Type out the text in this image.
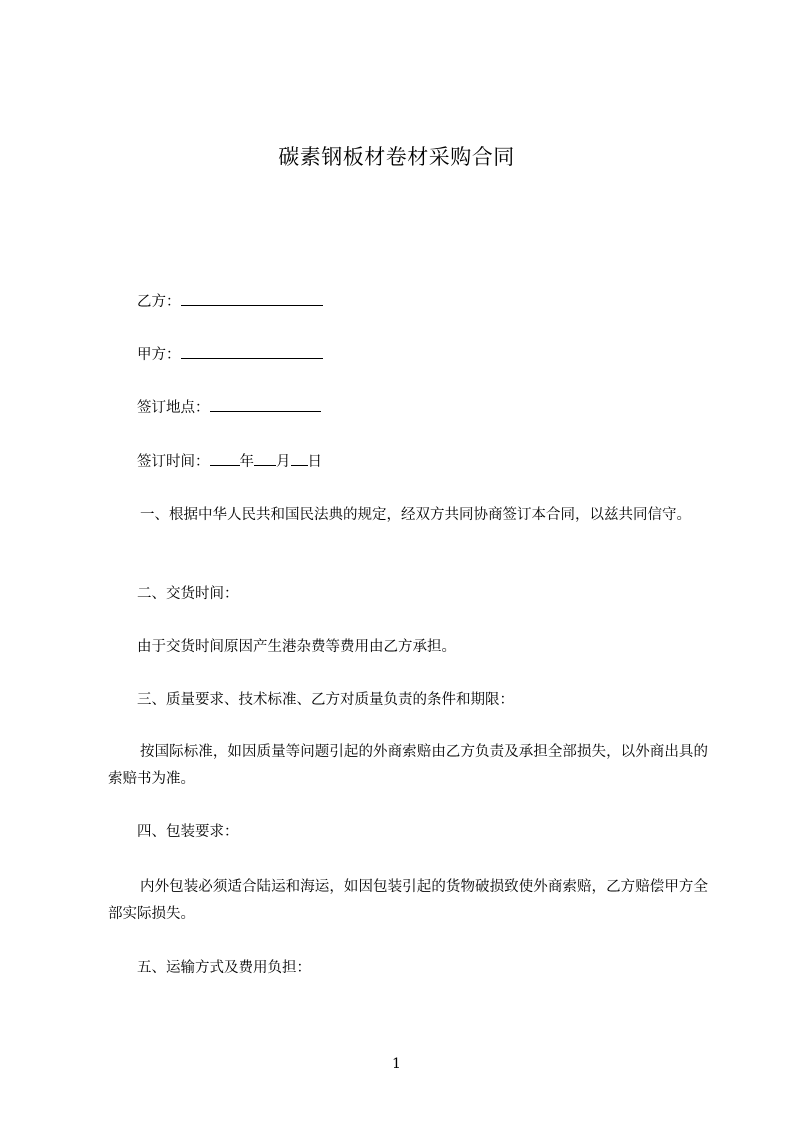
碳素钢板材卷材采购合同
乙方：
甲方：
签订地点：
签订时间： 年 月 日
一、根据中华人民共和国民法典的规定，经双方共同协商签订本合同，以兹共同信守。
二、交货时间：
由于交货时间原因产生港杂费等费用由乙方承担。
三、质量要求、技术标准、乙方对质量负责的条件和期限：
按国际标准，如因质量等问题引起的外商索赔由乙方负责及承担全部损失，以外商出具的索赔书为准。
四、包装要求：
内外包装必须适合陆运和海运，如因包装引起的货物破损致使外商索赔，乙方赔偿甲方全部实际损失。
五、运输方式及费用负担：
1
